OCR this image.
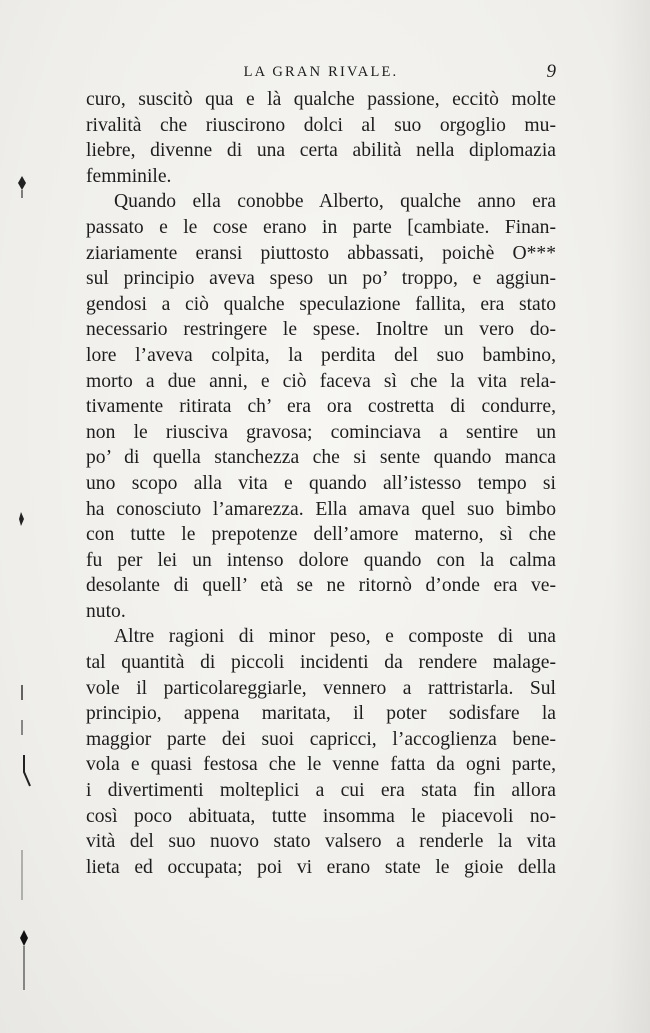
LA GRAN RIVALE.	9
curo, suscitò qua e là qualche passione, eccitò molte
rivalità che riuscirono dolci al suo orgoglio mu-
liebre, divenne di una certa abilità nella diplomazia
femminile.
Quando ella conobbe Alberto, qualche anno era
passato e le cose erano in parte [cambiate. Finan-
ziariamente eransi piuttosto abbassati, poichè O***
sul principio aveva speso un po’ troppo, e aggiun-
gendosi a ciò qualche speculazione fallita, era stato
necessario restringere le spese. Inoltre un vero do-
lore l’aveva colpita, la perdita del suo bambino,
morto a due anni, e ciò faceva sì che la vita rela-
tivamente ritirata ch’ era ora costretta di condurre,
non le riusciva gravosa; cominciava a sentire un
po’ di quella stanchezza che si sente quando manca
uno scopo alla vita e quando all’istesso tempo si
ha conosciuto l’amarezza. Ella amava quel suo bimbo
con tutte le prepotenze dell’amore materno, sì che
fu per lei un intenso dolore quando con la calma
desolante di quell’ età se ne ritornò d’onde era ve-
nuto.
Altre ragioni di minor peso, e composte di una
tal quantità di piccoli incidenti da rendere malage-
vole il particolareggiarle, vennero a rattristarla. Sul
principio, appena maritata, il poter sodisfare la
maggior parte dei suoi capricci, l’accoglienza bene-
vola e quasi festosa che le venne fatta da ogni parte,
i divertimenti molteplici a cui era stata fin allora
così poco abituata, tutte insomma le piacevoli no-
vità del suo nuovo stato valsero a renderle la vita
lieta ed occupata; poi vi erano state le gioie della
